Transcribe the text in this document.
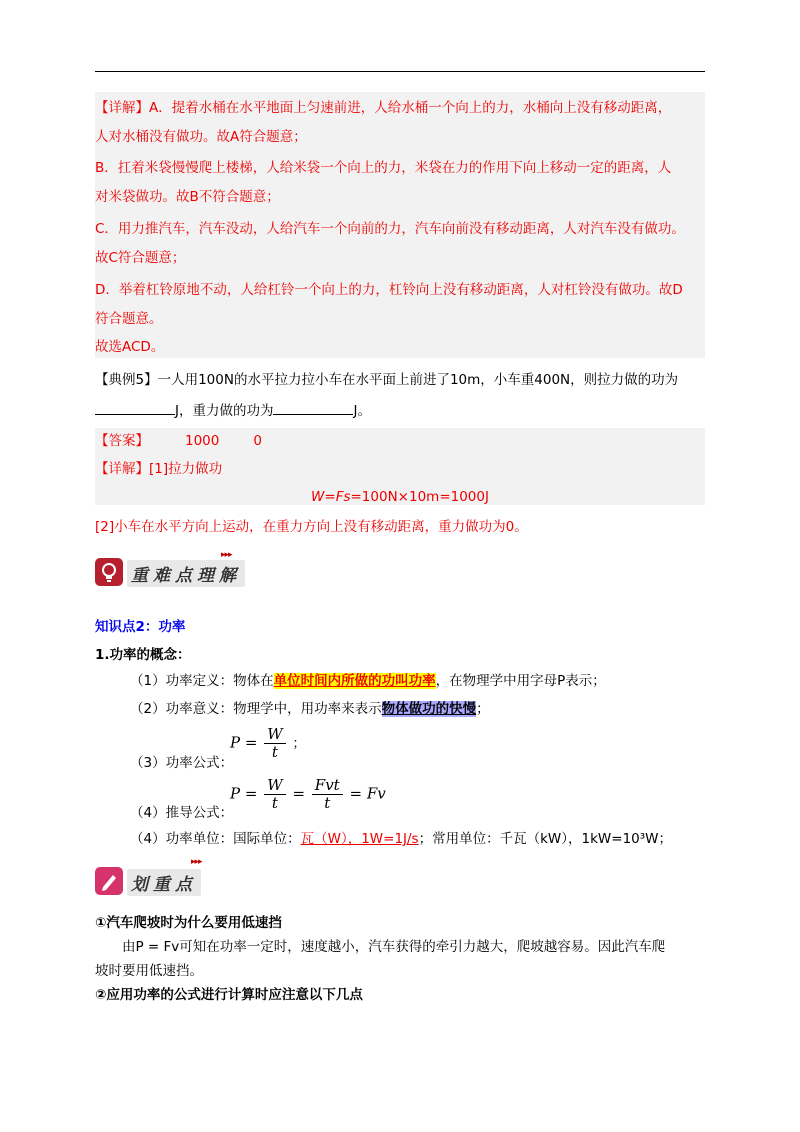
【详解】A．提着水桶在水平地面上匀速前进，人给水桶一个向上的力，水桶向上没有移动距离，
人对水桶没有做功。故A符合题意；
B．扛着米袋慢慢爬上楼梯，人给米袋一个向上的力，米袋在力的作用下向上移动一定的距离，人
对米袋做功。故B不符合题意；
C．用力推汽车，汽车没动，人给汽车一个向前的力，汽车向前没有移动距离，人对汽车没有做功。
故C符合题意；
D．举着杠铃原地不动，人给杠铃一个向上的力，杠铃向上没有移动距离，人对杠铃没有做功。故D
符合题意。
故选ACD。
【典例5】一人用100N的水平拉力拉小车在水平面上前进了10m，小车重400N，则拉力做的功为
J，重力做的功为	J。
【答案】	1000	0
【详解】[1]拉力做功
W=Fs=100N×10m=1000J
[2]小车在水平方向上运动，在重力方向上没有移动距离，重力做功为0。
重难点理解
▸▸▸
知识点2：功率
1.功率的概念：
（1）功率定义：物体在单位时间内所做的功叫功率，在物理学中用字母P表示；
（2）功率意义：物理学中，用功率来表示物体做功的快慢；
（3）功率公式：
$P = \frac{W}{t}$ ；
（4）推导公式：
$P = \frac{W}{t} = \frac{\text{Fvt}}{t} = Fv$
（4）功率单位：国际单位：瓦（W），1W=1J/s；常用单位：千瓦（kW），1kW=10³W；
划重点
▸▸▸
①汽车爬坡时为什么要用低速挡
由P = Fv可知在功率一定时，速度越小，汽车获得的牵引力越大，爬坡越容易。因此汽车爬
坡时要用低速挡。
②应用功率的公式进行计算时应注意以下几点
